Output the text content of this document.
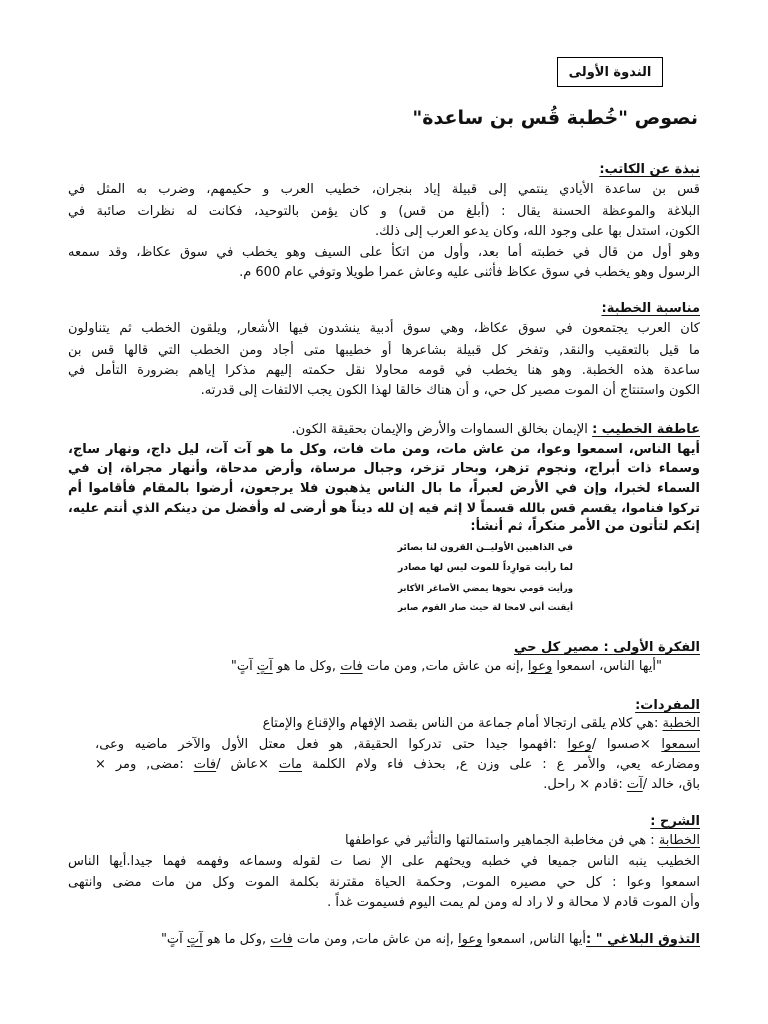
الندوة الأولى
نصوص "خُطبة قُس بن ساعدة"
نبذة عن الكاتب:
قس بن ساعدة الأيادي ينتمي إلى قبيلة إياد بنجران، خطيب العرب و حكيمهم، وضرب به المثل في
البلاغة والموعظة الحسنة يقال : (أبلغ من قس) و كان يؤمن بالتوحيد، فكانت له نظرات صائبة في
الكون، استدل بها على وجود الله، وكان يدعو العرب إلى ذلك.
وهو أول من قال في خطبته أما بعد، وأول من اتكأ على السيف وهو يخطب في سوق عكاظ، وقد سمعه
الرسول وهو يخطب في سوق عكاظ فأثنى عليه وعاش عمرا طويلا وتوفي عام 600 م.
مناسبة الخطبة:
كان العرب يجتمعون في سوق عكاظ، وهي سوق أدبية ينشدون فيها الأشعار, ويلقون الخطب ثم يتناولون
ما قيل بالتعقيب والنقد, وتفخر كل قبيلة بشاعرها أو خطيبها متى أجاد ومن الخطب التي قالها قس بن
ساعدة هذه الخطبة. وهو هنا يخطب في قومه محاولا نقل حكمته إليهم مذكرا إياهم بضرورة التأمل في
الكون واستنتاج أن الموت مصير كل حي، و أن هناك خالقا لهذا الكون يجب الالتفات إلى قدرته.
عاطفة الخطيب : الإيمان بخالق السماوات والأرض والإيمان بحقيقة الكون.
أيها الناس، اسمعوا وعوا، من عاش مات، ومن مات فات، وكل ما هو آت آت، ليل داج، ونهار ساج،
وسماء ذات أبراج، ونجوم تزهر، وبحار تزخر، وجبال مرساة، وأرض مدحاة، وأنهار مجراة، إن في
السماء لخبرا، وإن في الأرض لعبراً، ما بال الناس يذهبون فلا يرجعون، أرضوا بالمقام فأقاموا أم
تركوا فناموا، يقسم قس بالله قسماً لا إثم فيه إن لله ديناً هو أرضى له وأفضل من دينكم الذي أنتم عليه،
إنكم لتأتون من الأمر منكراً، ثم أنشأ:
في الذاهبين الأوليــن القرون لنا بصائر
لما رأيت مَوارِداً للموت ليس لها مصادر
ورأيت قومي نحوها يمضي الأصاغر الأكابر
أيقنت أني لامحا لة حيث صار القوم صابر
الفكرة الأولى : مصير كل حي
"أيها الناس، اسمعوا وعوا ,إنه من عاش مات, ومن مات فات ,وكل ما هو آتٍ آتٍ"
المفردات:
الخطبة :هي كلام يلقى ارتجالا أمام جماعة من الناس بقصد الإفهام والإقناع والإمتاع
اسمعوا ×صسوا /وعوا :افهموا جيدا حتى تدركوا الحقيقة, هو فعل معتل الأول والآخر ماضيه وعى،
ومضارعه يعي، والأمر ع : على وزن ع, بحذف فاء ولام الكلمة مات ×عاش /فات :مضى, ومر ×
باق، خالد /آت :قادم × راحل.
الشرح :
الخطابة : هي فن مخاطبة الجماهير واستمالتها والتأثير في عواطفها
الخطيب ينبه الناس جميعا في خطبه ويحثهم على الإ نصا ت لقوله وسماعه وفهمه فهما جيدا.أيها الناس
اسمعوا وعوا : كل حي مصيره الموت, وحكمة الحياة مقترنة بكلمة الموت وكل من مات مضى وانتهى
وأن الموت قادم لا محالة و لا راد له ومن لم يمت اليوم فسيموت غداً .
التذوق البلاغي " :أيها الناس, اسمعوا وعوا ,إنه من عاش مات, ومن مات فات ,وكل ما هو آتٍ آتٍ"
